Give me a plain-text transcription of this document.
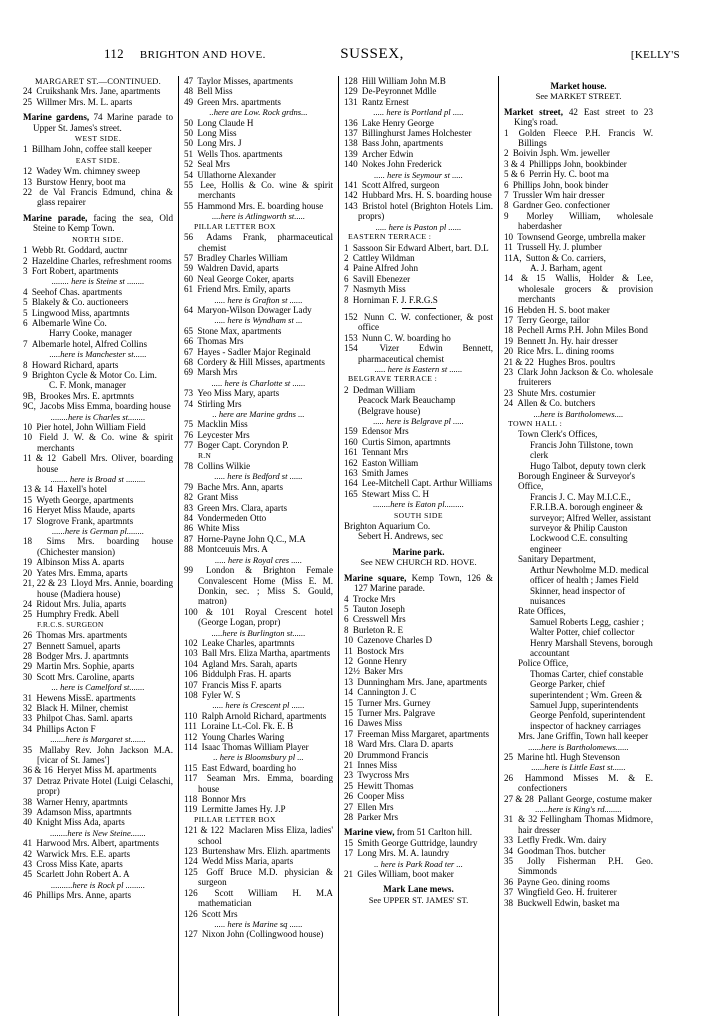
112 BRIGHTON AND HOVE.	SUSSEX,	[KELLY'S
MARGARET ST.—CONTINUED.
24 Cruikshank Mrs. Jane, apartments
25 Willmer Mrs. M. L. aparts
Marine gardens, 74 Marine parade to Upper St. James's street.
WEST SIDE.
1 Billham John, coffee stall keeper
EAST SIDE.
12 Wadey Wm. chimney sweep
13 Burstow Henry, boot ma
22 de Val Francis Edmund, china & glass repairer
Marine parade, facing the sea, Old Steine to Kemp Town.
NORTH SIDE.
1 Webb Rt. Goddard, auctnr
2 Hazeldine Charles, refreshment rooms
3 Fort Robert, apartments
........ here is Steine st ........
4 Seehof Chas. apartments
5 Blakely & Co. auctioneers
5 Lingwood Miss, apartmnts
6 Albemarle Wine Co.
Harry Cooke, manager
7 Albemarle hotel, Alfred Collins
.....here is Manchester st......
8 Howard Richard, aparts
9 Brighton Cycle & Motor Co. Lim.
C. F. Monk, manager
9B, Brookes Mrs. E. aprtmnts
9C, Jacobs Miss Emma, boarding house
........here is Charles st........
10 Pier hotel, John William Field
10 Field J. W. & Co. wine & spirit merchants
11 & 12 Gabell Mrs. Oliver, boarding house
........ here is Broad st .........
13 & 14 Haxell's hotel
15 Wyeth George, apartments
16 Heryet Miss Maude, aparts
17 Slogrove Frank, apartmnts
......here is German pl........
18 Sims Mrs. boarding house (Chichester mansion)
19 Albinson Miss A. aparts
20 Yates Mrs. Emma, aparts
21, 22 & 23 Lloyd Mrs. Annie, boarding house (Madiera house)
24 Ridout Mrs. Julia, aparts
25 Humphry Fredk. Abell
F.R.C.S. SURGEON
26 Thomas Mrs. apartments
27 Bennett Samuel, aparts
28 Bodger Mrs. J. apartmnts
29 Martin Mrs. Sophie, aparts
30 Scott Mrs. Caroline, aparts
... here is Camelford st.......
31 Hewens MissE. apartments
32 Black H. Milner, chemist
33 Philpot Chas. Saml. aparts
34 Phillips Acton F
.......here is Margaret st.......
35 Mallaby Rev. John Jackson M.A. [vicar of St. James']
36 & 16 Heryet Miss M. apartments
37 Detraz Private Hotel (Luigi Celaschi, propr)
38 Warner Henry, apartmnts
39 Adamson Miss, apartmnts
40 Knight Miss Ada, aparts
........here is New Steine.......
41 Harwood Mrs. Albert, apartments
42 Warwick Mrs. E.E. aparts
43 Cross Miss Kate, aparts
45 Scarlett John Robert A. A
..........here is Rock pl .........
46 Phillips Mrs. Anne, aparts
47 Taylor Misses, apartments
48 Bell Miss
49 Green Mrs. apartments
..here are Low. Rock grdns...
50 Long Claude H
50 Long Miss
50 Long Mrs. J
51 Wells Thos. apartments
52 Seal Mrs
54 Ullathorne Alexander
55 Lee, Hollis & Co. wine & spirit merchants
55 Hammond Mrs. E. boarding house
....here is Atlingworth st.....
PILLAR LETTER BOX
56 Adams Frank, pharmaceutical chemist
57 Bradley Charles William
59 Waldren David, aparts
60 Neal George Coker, aparts
61 Friend Mrs. Emily, aparts
..... here is Grafton st ......
64 Maryon-Wilson Dowager Lady
..... here is Wyndham st ...
65 Stone Max, apartments
66 Thomas Mrs
67 Hayes - Sadler Major Reginald
68 Cordery & Hill Misses, apartments
69 Marsh Mrs
..... here is Charlotte st ......
73 Yeo Miss Mary, aparts
74 Stirling Mrs
.. here are Marine grdns ...
75 Macklin Miss
76 Leycester Mrs
77 Boger Capt. Coryndon P.
R.N
78 Collins Wilkie
..... here is Bedford st ......
79 Bache Mrs. Ann, aparts
82 Grant Miss
83 Green Mrs. Clara, aparts
84 Vondermeden Otto
86 White Miss
87 Horne-Payne John Q.C., M.A
88 Montceuuis Mrs. A
..... here is Royal cres .....
99 London & Brighton Female Convalescent Home (Miss E. M. Donkin, sec. ; Miss S. Gould, matron)
100 & 101 Royal Crescent hotel (George Logan, propr)
.....here is Burlington st......
102 Leake Charles, apartmnts
103 Ball Mrs. Eliza Martha, apartments
104 Agland Mrs. Sarah, aparts
106 Biddulph Fras. H. aparts
107 Francis Miss F. aparts
108 Fyler W. S
..... here is Crescent pl ......
110 Ralph Arnold Richard, apartments
111 Loraine Lt.-Col. Fk. E. B
112 Young Charles Waring
114 Isaac Thomas William Player
.. here is Bloomsbury pl ...
115 East Edward, boarding ho
117 Seaman Mrs. Emma, boarding house
118 Bonnor Mrs
119 Lermitte James Hy. J.P
PILLAR LETTER BOX
121 & 122 Maclaren Miss Eliza, ladies' school
123 Burtenshaw Mrs. Elizh. apartments
124 Wedd Miss Maria, aparts
125 Goff Bruce M.D. physician & surgeon
126 Scott William H. M.A mathematician
126 Scott Mrs
..... here is Marine sq ......
127 Nixon John (Collingwood house)
128 Hill William John M.B
129 De-Peyronnet Mdlle
131 Rantz Ernest
..... here is Portland pl .....
136 Lake Henry George
137 Billinghurst James Holchester
138 Bass John, apartments
139 Archer Edwin
140 Nokes John Frederick
..... here is Seymour st .....
141 Scott Alfred, surgeon
142 Hubbard Mrs. H. S. boarding house
143 Bristol hotel (Brighton Hotels Lim. proprs)
..... here is Paston pl ......
EASTERN TERRACE :
1 Sassoon Sir Edward Albert, bart. D.L
2 Cattley Wildman
4 Paine Alfred John
6 Savill Ebenezer
7 Nasmyth Miss
8 Horniman F. J. F.R.G.S
152 Nunn C. W. confectioner, & post office
153 Nunn C. W. boarding ho
154 Vizer Edwin Bennett, pharmaceutical chemist
..... here is Eastern st ......
BELGRAVE TERRACE :
2 Dedman William
Peacock Mark Beauchamp (Belgrave house)
..... here is Belgrave pl .....
159 Edensor Mrs
160 Curtis Simon, apartmnts
161 Tennant Mrs
162 Easton William
163 Smith James
164 Lee-Mitchell Capt. Arthur Williams
165 Stewart Miss C. H
........here is Eaton pl.........
SOUTH SIDE
Brighton Aquarium Co.
Sebert H. Andrews, sec
Marine park.
See NEW CHURCH RD. HOVE.
Marine square, Kemp Town, 126 & 127 Marine parade.
4 Trocke Mrs
5 Tauton Joseph
6 Cresswell Mrs
8 Burleton R. E
10 Cazenove Charles D
11 Bostock Mrs
12 Gonne Henry
12½ Baker Mrs
13 Dunningham Mrs. Jane, apartments
14 Cannington J. C
15 Turner Mrs. Gurney
15 Turner Mrs. Palgrave
16 Dawes Miss
17 Freeman Miss Margaret, apartments
18 Ward Mrs. Clara D. aparts
20 Drummond Francis
21 Innes Miss
23 Twycross Mrs
25 Hewitt Thomas
26 Cooper Miss
27 Ellen Mrs
28 Parker Mrs
Marine view, from 51 Carlton hill.
15 Smith George Guttridge, laundry
17 Long Mrs. M. A. laundry
.. here is Park Road ter ...
21 Giles William, boot maker
Mark Lane mews.
See UPPER ST. JAMES' ST.
Market house.
See MARKET STREET.
Market street, 42 East street to 23 King's road.
1 Golden Fleece P.H. Francis W. Billings
2 Boivin Jsph. Wm. jeweller
3 & 4 Phillipps John, bookbinder
5 & 6 Perrin Hy. C. boot ma
6 Phillips John, book binder
7 Trussler Wm hair dresser
8 Gardner Geo. confectioner
9 Morley William, wholesale haberdasher
10 Townsend George, umbrella maker
11 Trussell Hy. J. plumber
11A, Sutton & Co. carriers,
A. J. Barham, agent
14 & 15 Wallis, Holder & Lee, wholesale grocers & provision merchants
16 Hebden H. S. boot maker
17 Terry George, tailor
18 Pechell Arms P.H. John Miles Bond
19 Bennett Jn. Hy. hair dresser
20 Rice Mrs. L. dining rooms
21 & 22 Hughes Bros. poultrs
23 Clark John Jackson & Co. wholesale fruiterers
23 Shute Mrs. costumier
24 Allen & Co. butchers
...here is Bartholomews....
TOWN HALL :
Town Clerk's Offices,
Francis John Tillstone, town clerk
Hugo Talbot, deputy town clerk
Borough Engineer & Surveyor's Office,
Francis J. C. May M.I.C.E., F.R.I.B.A. borough engineer & surveyor; Alfred Weller, assistant surveyor & Philip Causton Lockwood C.E. consulting engineer
Sanitary Department,
Arthur Newholme M.D. medical officer of health ; James Field Skinner, head inspector of nuisances
Rate Offices,
Samuel Roberts Legg, cashier ; Walter Potter, chief collector
Henry Marshall Stevens, borough accountant
Police Office,
Thomas Carter, chief constable
George Parker, chief superintendent ; Wm. Green & Samuel Jupp, superintendents
George Penfold, superintendent inspector of hackney carriages
Mrs. Jane Griffin, Town hall keeper
......here is Bartholomews......
25 Marine htl. Hugh Stevenson
......here is Little East st......
26 Hammond Misses M. & E. confectioners
27 & 28 Pallant George, costume maker
......here is King's rd........
31 & 32 Fellingham Thomas Midmore, hair dresser
33 Letfly Fredk. Wm. dairy
34 Goodman Thos. butcher
35 Jolly Fisherman P.H. Geo. Simmonds
36 Payne Geo. dining rooms
37 Wingfield Geo. H. fruiterer
38 Buckwell Edwin, basket ma
